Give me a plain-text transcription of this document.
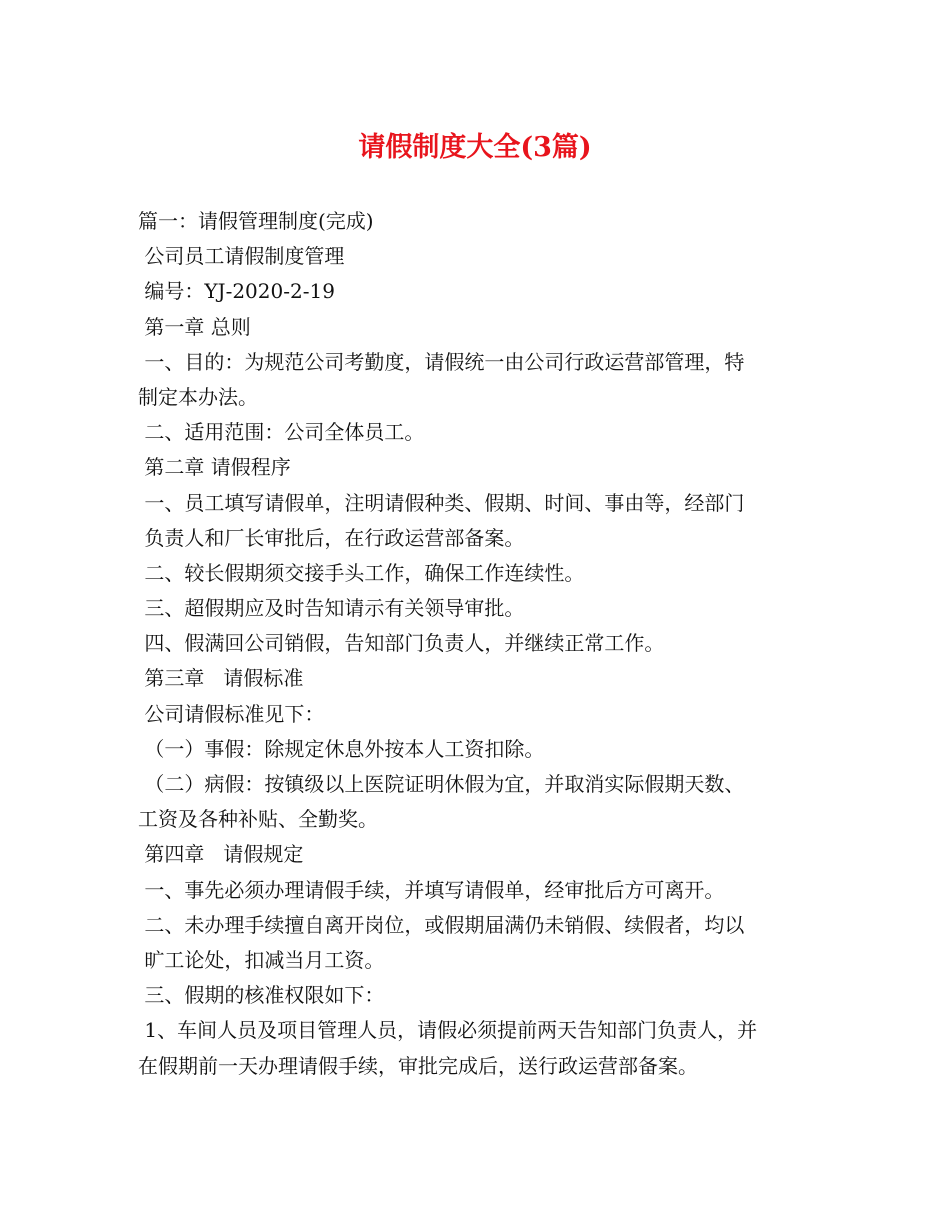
请假制度大全(3篇)

篇一：请假管理制度(完成)

公司员工请假制度管理

编号：YJ-2020-2-19

第一章 总则

一、目的：为规范公司考勤度，请假统一由公司行政运营部管理，特

制定本办法。

二、适用范围：公司全体员工。

第二章 请假程序

一、员工填写请假单，注明请假种类、假期、时间、事由等，经部门

负责人和厂长审批后，在行政运营部备案。

二、较长假期须交接手头工作，确保工作连续性。

三、超假期应及时告知请示有关领导审批。

四、假满回公司销假，告知部门负责人，并继续正常工作。

第三章   请假标准

公司请假标准见下：

（一）事假：除规定休息外按本人工资扣除。

（二）病假：按镇级以上医院证明休假为宜，并取消实际假期天数、

工资及各种补贴、全勤奖。

第四章   请假规定

一、事先必须办理请假手续，并填写请假单，经审批后方可离开。

二、未办理手续擅自离开岗位，或假期届满仍未销假、续假者，均以

旷工论处，扣减当月工资。

三、假期的核准权限如下：

1、车间人员及项目管理人员，请假必须提前两天告知部门负责人，并

在假期前一天办理请假手续，审批完成后，送行政运营部备案。
